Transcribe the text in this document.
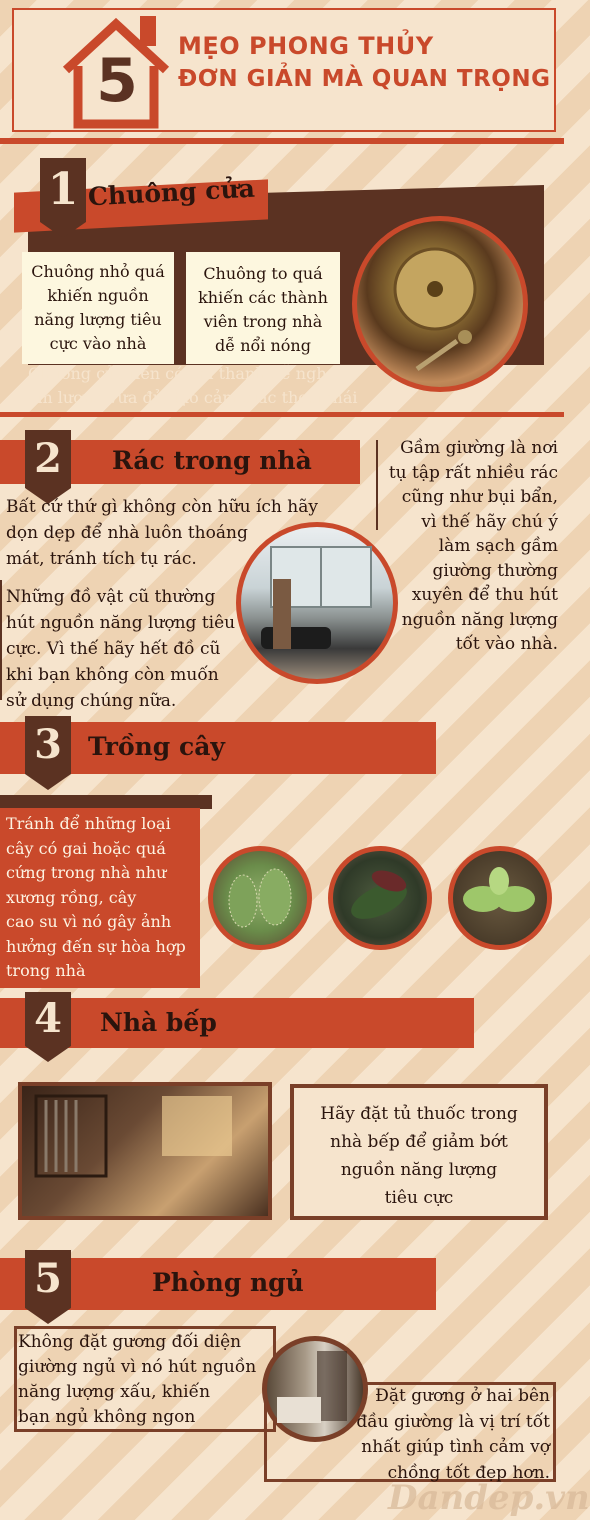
5	MẸO PHONG THỦY
ĐƠN GIẢN MÀ QUAN TRỌNG
1 Chuông cửa
Chuông nhỏ quá
khiến nguồn
năng lượng tiêu
cực vào nhà
Chuông to quá
khiến các thành
viên trong nhà
dễ nổi nóng
Chuông cửa nên có âm thanh dễ nghe,
âm lượng vừa đủ, tạo cảm giác thoải mái
2	Rác trong nhà
Bất cứ thứ gì không còn hữu ích hãy
dọn dẹp để nhà luôn thoáng
mát, tránh tích tụ rác.
Những đồ vật cũ thường
hút nguồn năng lượng tiêu
cực. Vì thế hãy hết đồ cũ
khi bạn không còn muốn
sử dụng chúng nữa.
Gầm giường là nơi
tụ tập rất nhiều rác
cũng như bụi bẩn,
vì thế hãy chú ý
làm sạch gầm
giường thường
xuyên để thu hút
nguồn năng lượng
tốt vào nhà.
3	Trồng cây
Tránh để những loại
cây có gai hoặc quá
cứng trong nhà như
xương rồng, cây
cao su vì nó gây ảnh
hưởng đến sự hòa hợp
trong nhà
4	Nhà bếp
Hãy đặt tủ thuốc trong
nhà bếp để giảm bớt
nguồn năng lượng
tiêu cực
5	Phòng ngủ
Không đặt gương đối diện
giường ngủ vì nó hút nguồn
năng lượng xấu, khiến
bạn ngủ không ngon
Dandep.vn
Đặt gương ở hai bên
đầu giường là vị trí tốt
nhất giúp tình cảm vợ
chồng tốt đẹp hơn.
